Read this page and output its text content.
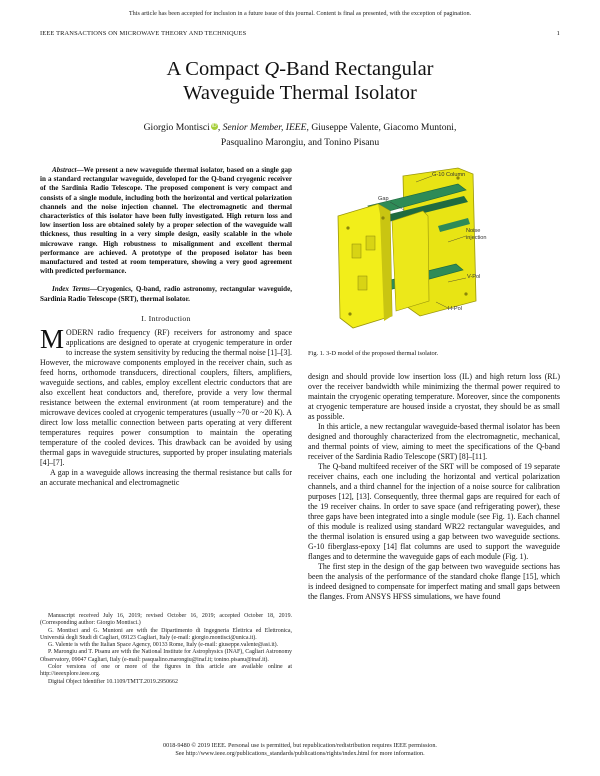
This article has been accepted for inclusion in a future issue of this journal. Content is final as presented, with the exception of pagination.
IEEE TRANSACTIONS ON MICROWAVE THEORY AND TECHNIQUES	1
A Compact Q-Band Rectangular
Waveguide Thermal Isolator
Giorgio Montisci iD, Senior Member, IEEE, Giuseppe Valente, Giacomo Muntoni,
Pasqualino Marongiu, and Tonino Pisanu

Abstract—We present a new waveguide thermal isolator, based on a single gap in a standard rectangular waveguide, developed for the Q-band cryogenic receiver of the Sardinia Radio Telescope. The proposed component is very compact and consists of a single module, including both the horizontal and vertical polarization channels and the noise injection channel. The electromagnetic and thermal characteristics of this isolator have been fully investigated. High return loss and low insertion loss are obtained solely by a proper selection of the waveguide wall thickness, thus resulting in a very simple design, easily scalable in the whole microwave range. High robustness to misalignment and excellent thermal performance are achieved. A prototype of the proposed isolator has been manufactured and tested at room temperature, showing a very good agreement with predicted performance.

Index Terms—Cryogenics, Q-band, radio astronomy, rectangular waveguide, Sardinia Radio Telescope (SRT), thermal isolator.

I. Introduction

MODERN radio frequency (RF) receivers for astronomy and space applications are designed to operate at cryogenic temperature in order to increase the system sensitivity by reducing the thermal noise [1]–[3]. However, the microwave components employed in the receiver chain, such as feed horns, orthomode transducers, directional couplers, filters, amplifiers, waveguide sections, and cables, employ excellent electric conductors that are also excellent heat conductors and, therefore, provide a very low thermal resistance between the external environment (at room temperature) and the microwave devices cooled at cryogenic temperatures (usually ~70 or ~20 K). A direct low loss metallic connection between parts operating at very different temperatures requires power consumption to maintain the operating temperature of the cooled devices. This drawback can be avoided by using thermal gaps in waveguide structures, supported by proper insulating materials [4]–[7].

A gap in a waveguide allows increasing the thermal resistance but calls for an accurate mechanical and electromagnetic

Manuscript received July 16, 2019; revised October 16, 2019; accepted October 18, 2019. (Corresponding author: Giorgio Montisci.)

G. Montisci and G. Muntoni are with the Dipartimento di Ingegneria Elettrica ed Elettronica, Università degli Studi di Cagliari, 09123 Cagliari, Italy (e-mail: giorgio.montisci@unica.it).

G. Valente is with the Italian Space Agency, 00133 Rome, Italy (e-mail: giuseppe.valente@asi.it).

P. Marongiu and T. Pisanu are with the National Institute for Astrophysics (INAF), Cagliari Astronomy Observatory, 09047 Cagliari, Italy (e-mail: pasqualino.marongiu@inaf.it; tonino.pisanu@inaf.it).

Color versions of one or more of the figures in this article are available online at http://ieeexplore.ieee.org.

Digital Object Identifier 10.1109/TMTT.2019.2950662

G-10 Column
Gap
Noise injection
V-Pol
H-Pol

Fig. 1. 3-D model of the proposed thermal isolator.

design and should provide low insertion loss (IL) and high return loss (RL) over the receiver bandwidth while minimizing the thermal power required to maintain the cryogenic operating temperature. Moreover, since the components at cryogenic temperature are housed inside a cryostat, they should be as small as possible.

In this article, a new rectangular waveguide-based thermal isolator has been designed and thoroughly characterized from the electromagnetic, mechanical, and thermal points of view, aiming to meet the specifications of the Q-band receiver of the Sardinia Radio Telescope (SRT) [8]–[11].

The Q-band multifeed receiver of the SRT will be composed of 19 separate receiver chains, each one including the horizontal and vertical polarization channels, and a third channel for the injection of a noise source for calibration purposes [12], [13]. Consequently, three thermal gaps are required for each of the 19 receiver chains. In order to save space (and refrigerating power), these three gaps have been integrated into a single module (see Fig. 1). Each channel of this module is realized using standard WR22 rectangular waveguides, and the thermal isolation is ensured using a gap between two waveguide sections. G-10 fiberglass-epoxy [14] flat columns are used to support the waveguide flanges and to determine the waveguide gaps of each module (Fig. 1).

The first step in the design of the gap between two waveguide sections has been the analysis of the performance of the standard choke flange [15], which is indeed designed to compensate for imperfect mating and small gaps between the flanges. From ANSYS HFSS simulations, we have found

0018-9480 © 2019 IEEE. Personal use is permitted, but republication/redistribution requires IEEE permission.
See http://www.ieee.org/publications_standards/publications/rights/index.html for more information.
